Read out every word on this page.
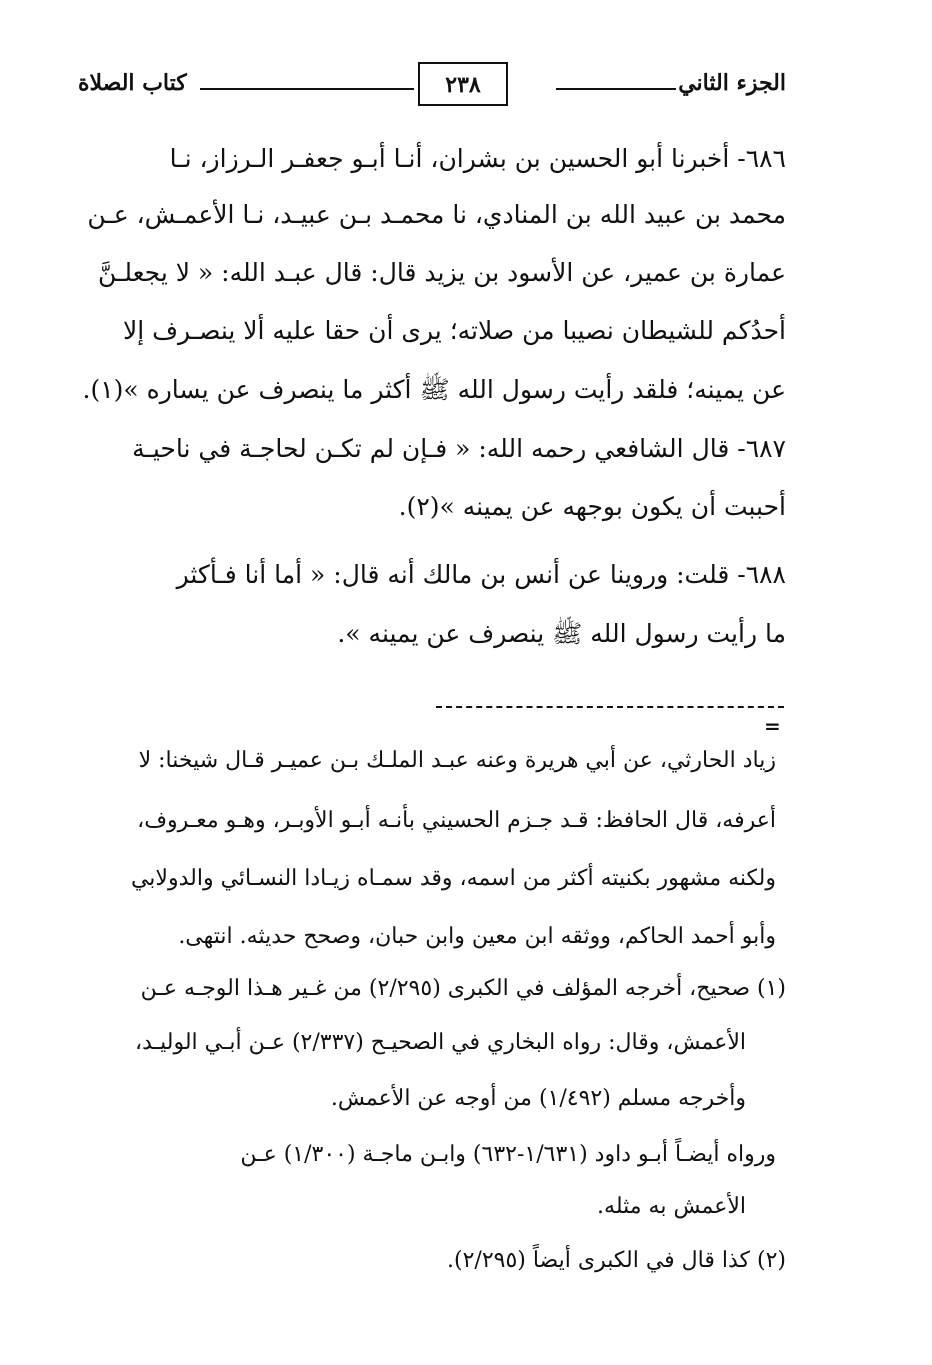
الجزء الثاني
٢٣٨
كتاب الصلاة
٦٨٦- أخبرنا أبو الحسين بن بشران، أنـا أبـو جعفـر الـرزاز، نـا
محمد بن عبيد الله بن المنادي، نا محمـد بـن عبيـد، نـا الأعمـش، عـن
عمارة بن عمير، عن الأسود بن يزيد قال: قال عبـد الله: « لا يجعلـنَّ
أحدُكم للشيطان نصيبا من صلاته؛ يرى أن حقا عليه ألا ينصـرف إلا
عن يمينه؛ فلقد رأيت رسول الله ﷺ أكثر ما ينصرف عن يساره »(١).
٦٨٧- قال الشافعي رحمه الله: « فـإن لم تكـن لحاجـة في ناحيـة
أحببت أن يكون بوجهه عن يمينه »(٢).
٦٨٨- قلت: وروينا عن أنس بن مالك أنه قال: « أما أنا فـأكثر
ما رأيت رسول الله ﷺ ينصرف عن يمينه ».
=
زياد الحارثي، عن أبي هريرة وعنه عبـد الملـك بـن عميـر قـال شيخنا: لا
أعرفه، قال الحافظ: قـد جـزم الحسيني بأنـه أبـو الأوبـر، وهـو معـروف،
ولكنه مشهور بكنيته أكثر من اسمه، وقد سمـاه زيـادا النسـائي والدولابي
وأبو أحمد الحاكم، ووثقه ابن معين وابن حبان، وصحح حديثه. انتهى.
(١) صحيح، أخرجه المؤلف في الكبرى (٢/٢٩٥) من غـير هـذا الوجـه عـن
الأعمش، وقال: رواه البخاري في الصحيـح (٢/٣٣٧) عـن أبـي الوليـد،
وأخرجه مسلم (١/٤٩٢) من أوجه عن الأعمش.
ورواه أيضـاً أبـو داود (١/٦٣١-٦٣٢) وابـن ماجـة (١/٣٠٠) عـن
الأعمش به مثله.
(٢) كذا قال في الكبرى أيضاً (٢/٢٩٥).
